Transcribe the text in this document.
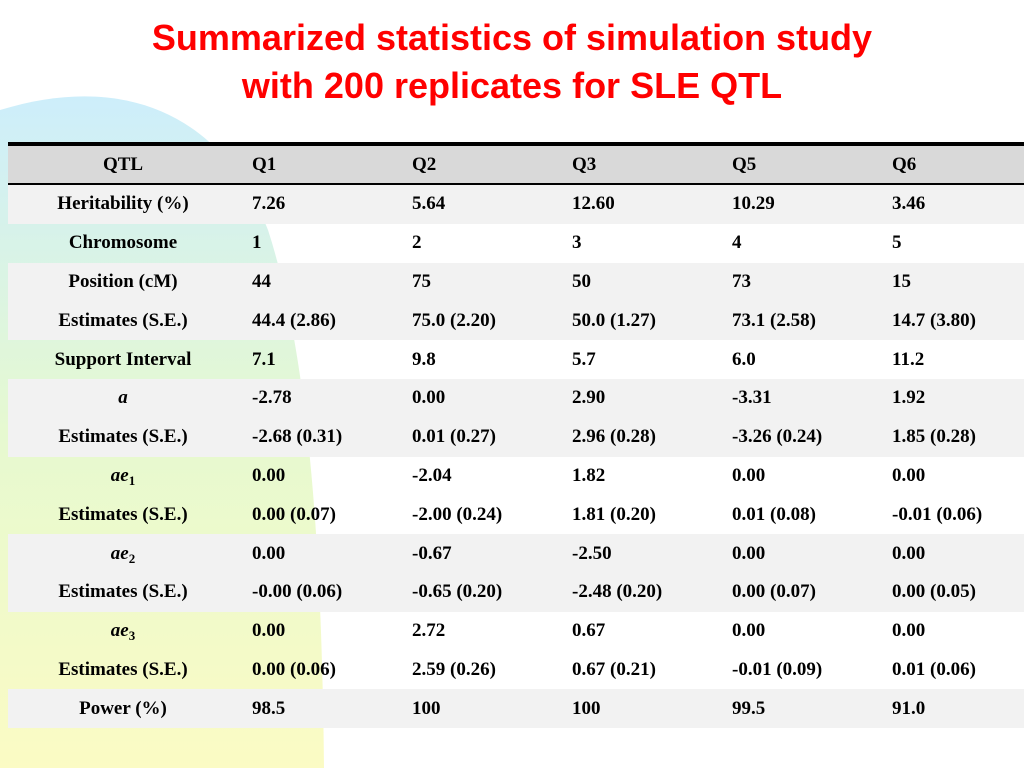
Summarized statistics of simulation study
with 200 replicates for SLE QTL
QTL	Q1	Q2	Q3	Q5	Q6
Heritability (%)	7.26	5.64	12.60	10.29	3.46
Chromosome	1	2	3	4	5
Position (cM)	44	75	50	73	15
Estimates (S.E.)	44.4 (2.86)	75.0 (2.20)	50.0 (1.27)	73.1 (2.58)	14.7 (3.80)
Support Interval	7.1	9.8	5.7	6.0	11.2
a	-2.78	0.00	2.90	-3.31	1.92
Estimates (S.E.)	-2.68 (0.31)	0.01 (0.27)	2.96 (0.28)	-3.26 (0.24)	1.85 (0.28)
$ae_1$	0.00	-2.04	1.82	0.00	0.00
Estimates (S.E.)	0.00 (0.07)	-2.00 (0.24)	1.81 (0.20)	0.01 (0.08)	-0.01 (0.06)
$ae_2$	0.00	-0.67	-2.50	0.00	0.00
Estimates (S.E.)	-0.00 (0.06)	-0.65 (0.20)	-2.48 (0.20)	0.00 (0.07)	0.00 (0.05)
$ae_3$	0.00	2.72	0.67	0.00	0.00
Estimates (S.E.)	0.00 (0.06)	2.59 (0.26)	0.67 (0.21)	-0.01 (0.09)	0.01 (0.06)
Power (%)	98.5	100	100	99.5	91.0
